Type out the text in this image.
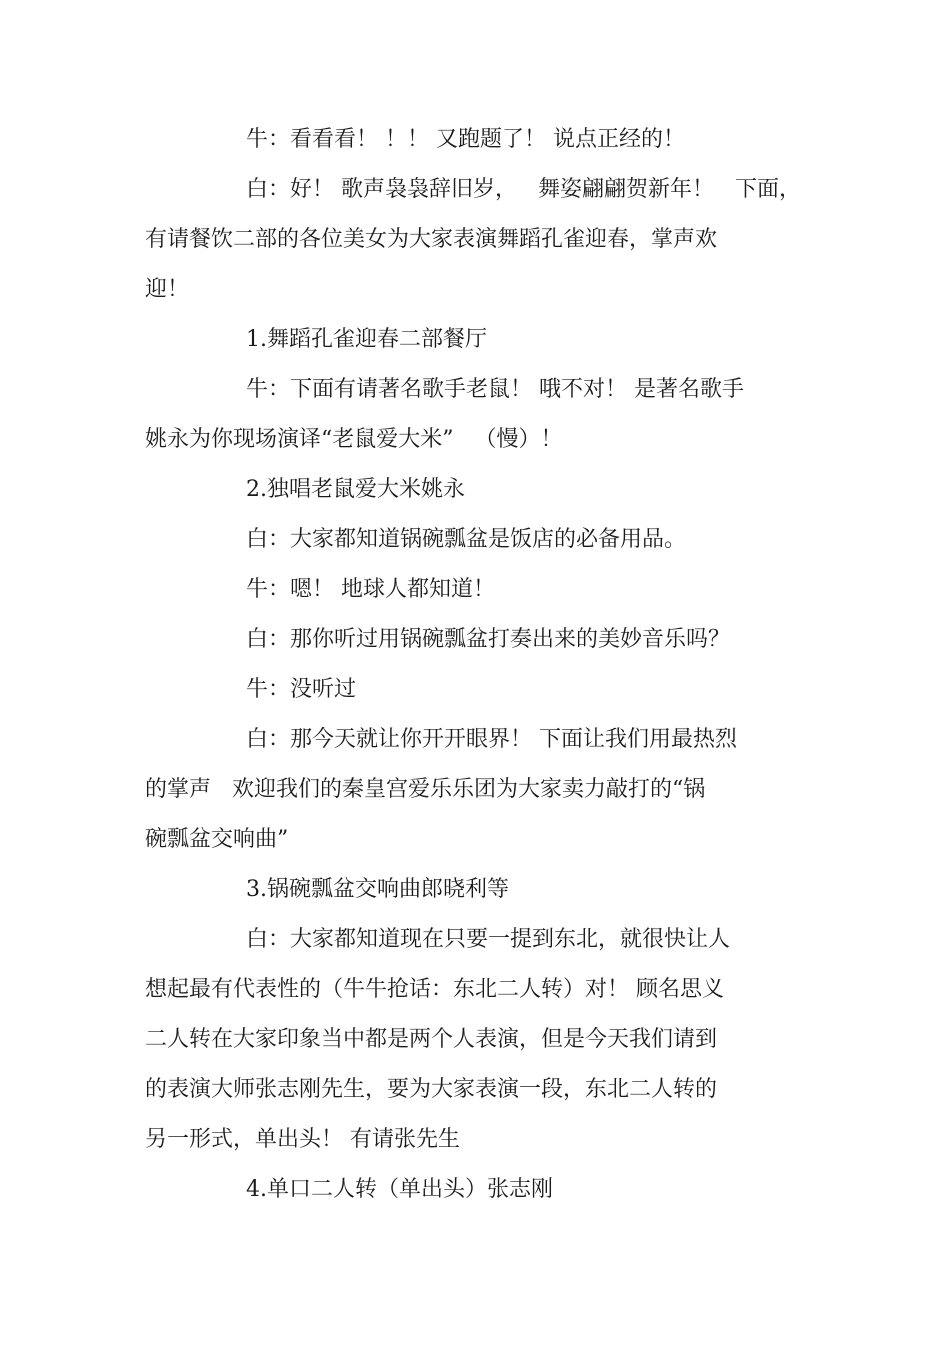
牛：看看看！ ！！ 又跑题了！ 说点正经的！
白：好！ 歌声袅袅辞旧岁，   舞姿翩翩贺新年！   下面，
有请餐饮二部的各位美女为大家表演舞蹈孔雀迎春，掌声欢
迎！
1.舞蹈孔雀迎春二部餐厅
牛：下面有请著名歌手老鼠！ 哦不对！ 是著名歌手
姚永为你现场演译“老鼠爱大米”   （慢）！
2.独唱老鼠爱大米姚永
白：大家都知道锅碗瓢盆是饭店的必备用品。
牛：嗯！ 地球人都知道！
白：那你听过用锅碗瓢盆打奏出来的美妙音乐吗？
牛：没听过
白：那今天就让你开开眼界！ 下面让我们用最热烈
的掌声   欢迎我们的秦皇宫爱乐乐团为大家卖力敲打的“锅
碗瓢盆交响曲”
3.锅碗瓢盆交响曲郎晓利等
白：大家都知道现在只要一提到东北，就很快让人
想起最有代表性的（牛牛抢话：东北二人转）对！ 顾名思义
二人转在大家印象当中都是两个人表演，但是今天我们请到
的表演大师张志刚先生，要为大家表演一段，东北二人转的
另一形式，单出头！ 有请张先生
4.单口二人转（单出头）张志刚
